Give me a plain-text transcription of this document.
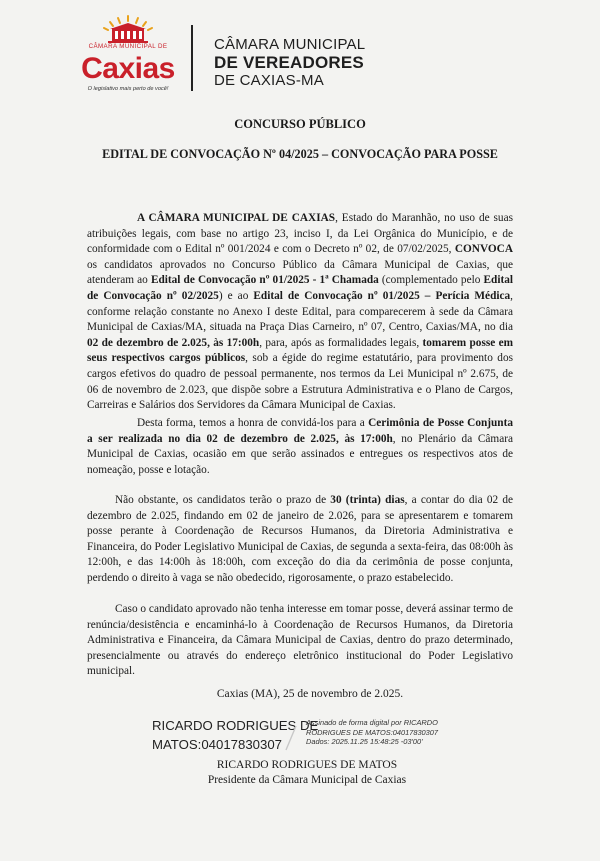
CÂMARA MUNICIPAL DE
Caxias
O legislativo mais perto de você!
CÂMARA MUNICIPAL
DE VEREADORES
DE CAXIAS-MA
CONCURSO PÚBLICO
EDITAL DE CONVOCAÇÃO Nº 04/2025 – CONVOCAÇÃO PARA POSSE
A CÂMARA MUNICIPAL DE CAXIAS, Estado do Maranhão, no uso de suas atribuições legais, com base no artigo 23, inciso I, da Lei Orgânica do Município, e de conformidade com o Edital nº 001/2024 e com o Decreto nº 02, de 07/02/2025, CONVOCA os candidatos aprovados no Concurso Público da Câmara Municipal de Caxias, que atenderam ao Edital de Convocação nº 01/2025 - 1ª Chamada (complementado pelo Edital de Convocação nº 02/2025) e ao Edital de Convocação nº 01/2025 – Perícia Médica, conforme relação constante no Anexo I deste Edital, para comparecerem à sede da Câmara Municipal de Caxias/MA, situada na Praça Dias Carneiro, nº 07, Centro, Caxias/MA, no dia 02 de dezembro de 2.025, às 17:00h, para, após as formalidades legais, tomarem posse em seus respectivos cargos públicos, sob a égide do regime estatutário, para provimento dos cargos efetivos do quadro de pessoal permanente, nos termos da Lei Municipal nº 2.675, de 06 de novembro de 2.023, que dispõe sobre a Estrutura Administrativa e o Plano de Cargos, Carreiras e Salários dos Servidores da Câmara Municipal de Caxias.
Desta forma, temos a honra de convidá-los para a Cerimônia de Posse Conjunta a ser realizada no dia 02 de dezembro de 2.025, às 17:00h, no Plenário da Câmara Municipal de Caxias, ocasião em que serão assinados e entregues os respectivos atos de nomeação, posse e lotação.
Não obstante, os candidatos terão o prazo de 30 (trinta) dias, a contar do dia 02 de dezembro de 2.025, findando em 02 de janeiro de 2.026, para se apresentarem e tomarem posse perante à Coordenação de Recursos Humanos, da Diretoria Administrativa e Financeira, do Poder Legislativo Municipal de Caxias, de segunda a sexta-feira, das 08:00h às 12:00h, e das 14:00h às 18:00h, com exceção do dia da cerimônia de posse conjunta, perdendo o direito à vaga se não obedecido, rigorosamente, o prazo estabelecido.
Caso o candidato aprovado não tenha interesse em tomar posse, deverá assinar termo de renúncia/desistência e encaminhá-lo à Coordenação de Recursos Humanos, da Diretoria Administrativa e Financeira, da Câmara Municipal de Caxias, dentro do prazo determinado, presencialmente ou através do endereço eletrônico institucional do Poder Legislativo municipal.
Caxias (MA), 25 de novembro de 2.025.
RICARDO RODRIGUES DE
MATOS:04017830307
Assinado de forma digital por RICARDO
RODRIGUES DE MATOS:04017830307
Dados: 2025.11.25 15:48:25 -03'00'
RICARDO RODRIGUES DE MATOS
Presidente da Câmara Municipal de Caxias
